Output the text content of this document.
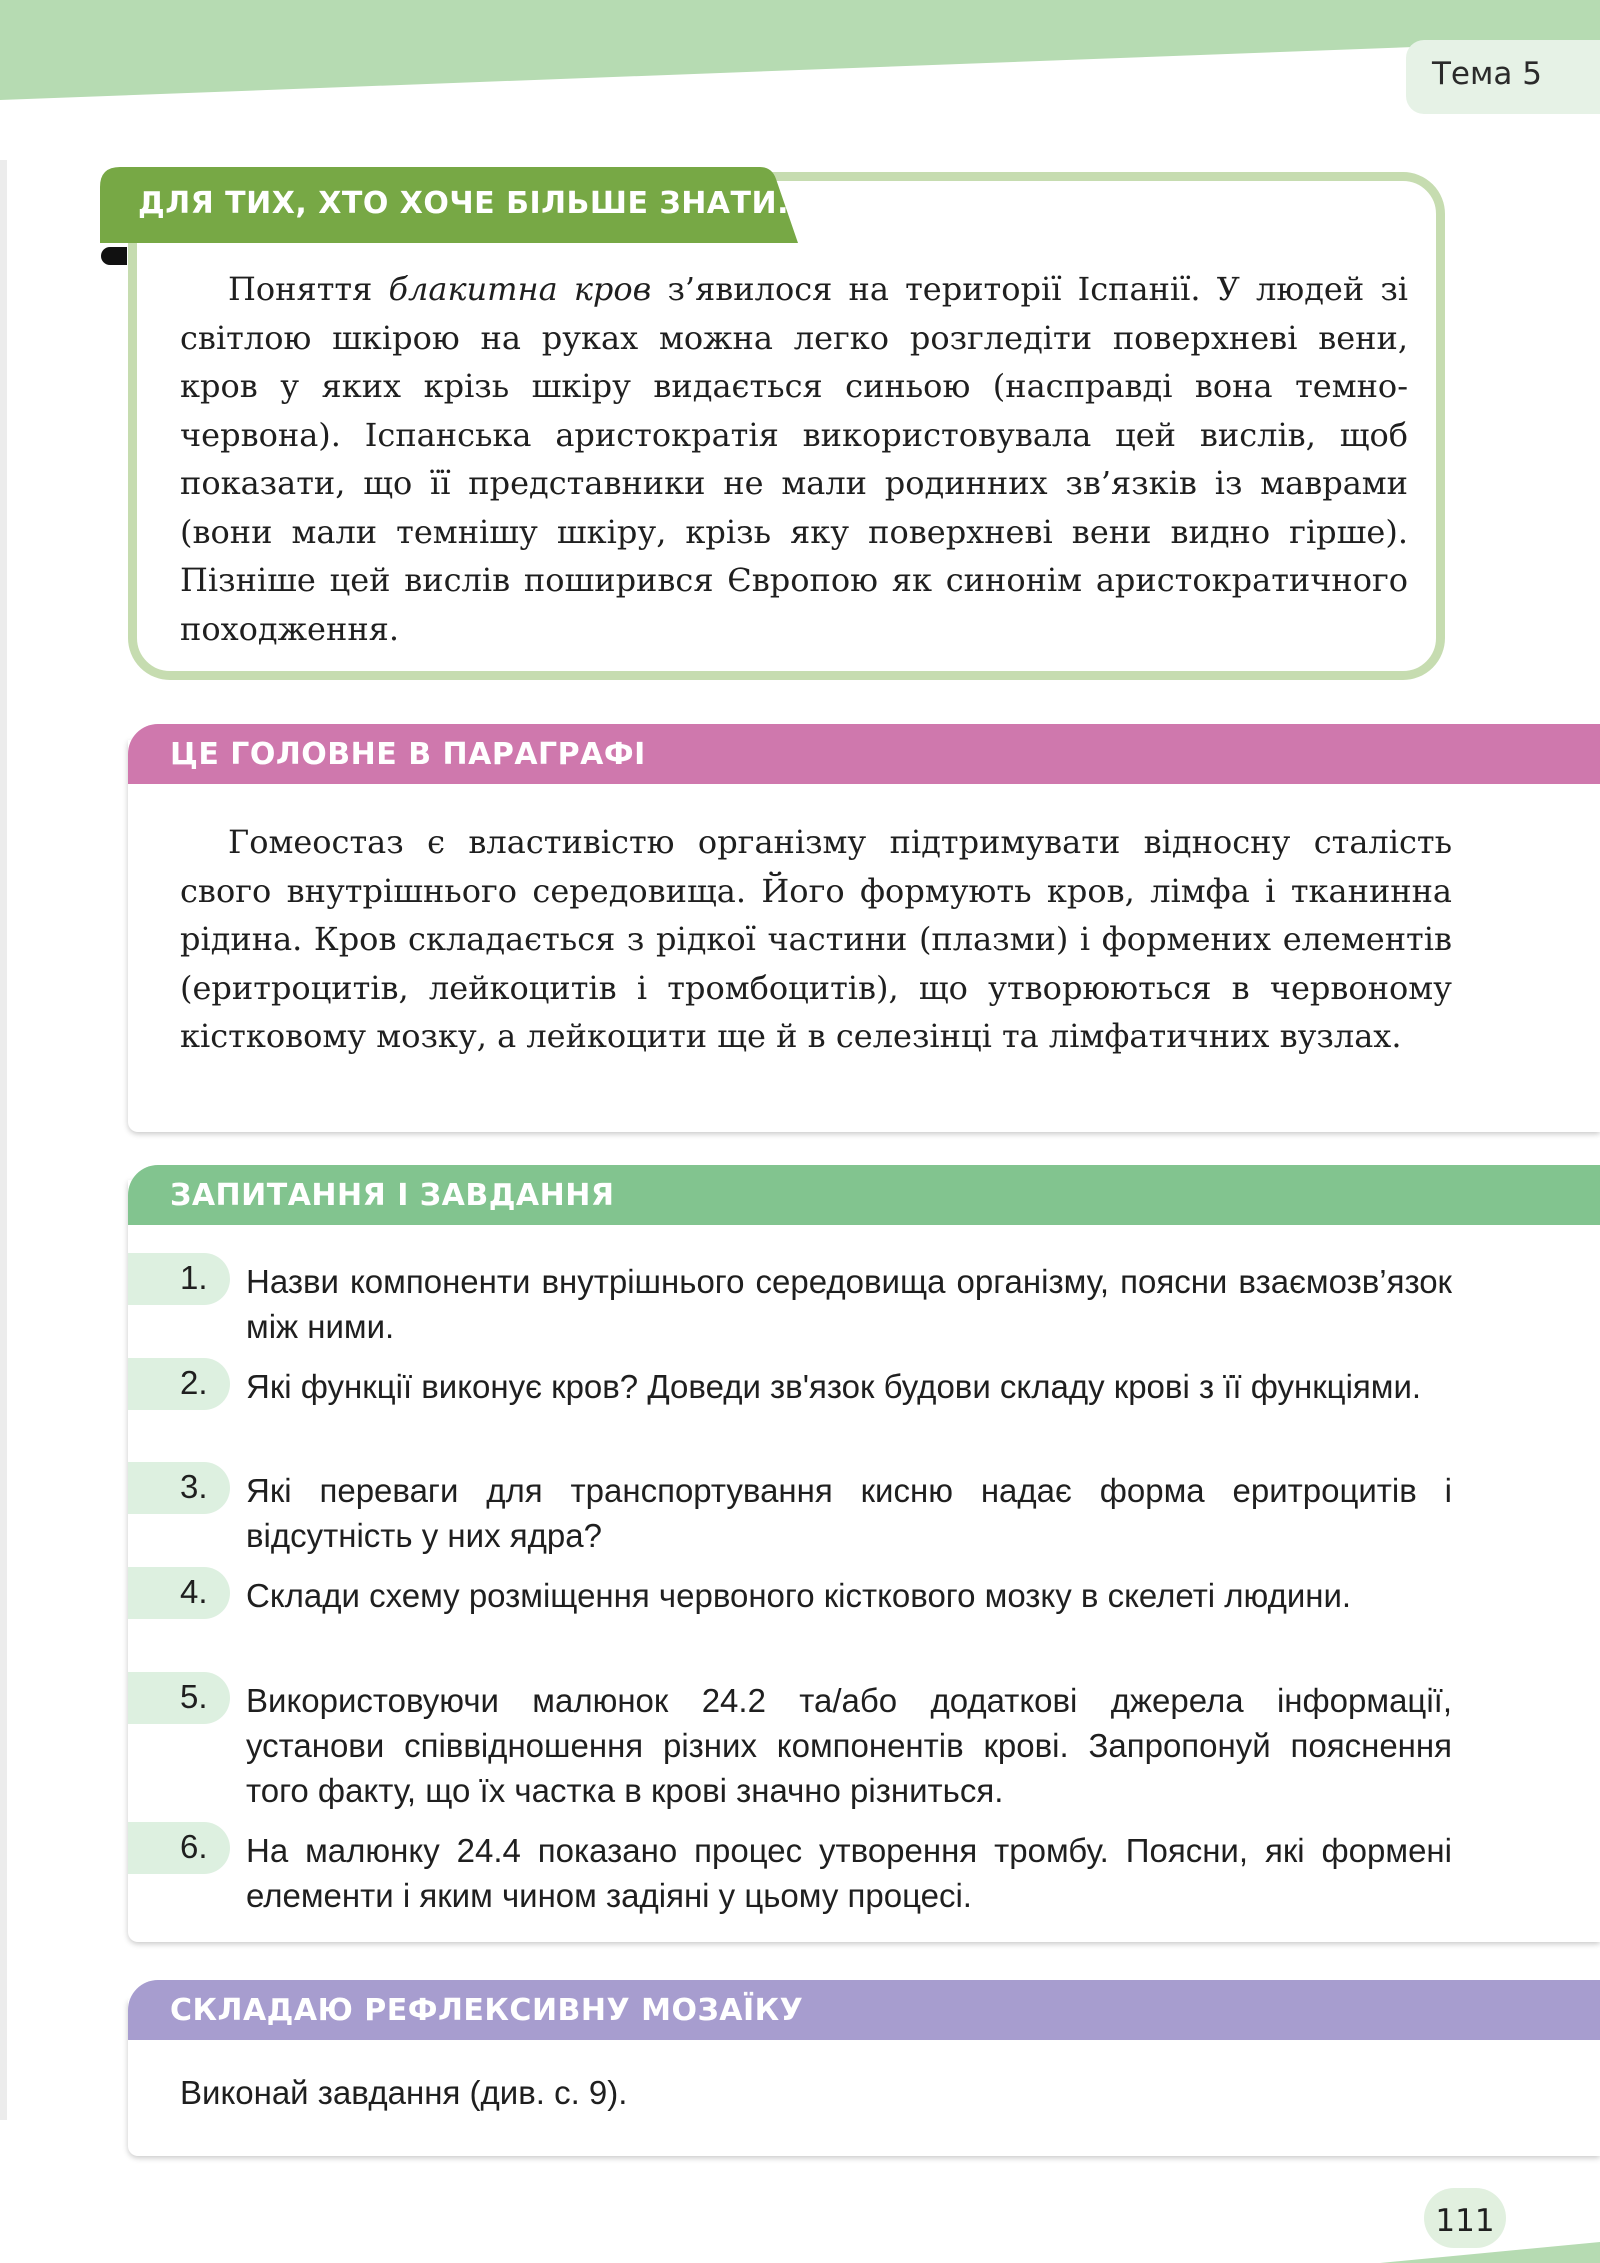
Тема 5
ДЛЯ ТИХ, ХТО ХОЧЕ БІЛЬШЕ ЗНАТИ...

Поняття блакитна кров з’явилося на території Іспанії. У людей зі світлою шкірою на руках можна легко розгледіти поверхневі вени, кров у яких крізь шкіру видається синьою (насправді вона темно-червона). Іспанська аристократія використовувала цей вислів, щоб показати, що її представники не мали родинних зв’язків із маврами (вони мали темнішу шкіру, крізь яку поверхневі вени видно гірше). Пізніше цей вислів поширився Європою як синонім аристократичного походження.

ЦЕ ГОЛОВНЕ В ПАРАГРАФІ

Гомеостаз є властивістю організму підтримувати відносну сталість свого внутрішнього середовища. Його формують кров, лімфа і тканинна рідина. Кров складається з рідкої частини (плазми) і формених елементів (еритроцитів, лейкоцитів і тромбоцитів), що утворюються в червоному кістковому мозку, а лейкоцити ще й в селезінці та лімфатичних вузлах.

ЗАПИТАННЯ І ЗАВДАННЯ
1. Назви компоненти внутрішнього середовища організму, поясни взаємозв’язок між ними.

2. Які функції виконує кров? Доведи зв'язок будови складу крові з її функціями.

3. Які переваги для транспортування кисню надає форма еритроцитів і відсутність у них ядра?

4. Склади схему розміщення червоного кісткового мозку в скелеті людини.

5. Використовуючи малюнок 24.2 та/або додаткові джерела інформації, установи співвідношення різних компонентів крові. Запропонуй пояснення того факту, що їх частка в крові значно різниться.

6. На малюнку 24.4 показано процес утворення тромбу. Поясни, які формені елементи і яким чином задіяні у цьому процесі.

СКЛАДАЮ РЕФЛЕКСИВНУ МОЗАЇКУ
Виконай завдання (див. с. 9).
111
